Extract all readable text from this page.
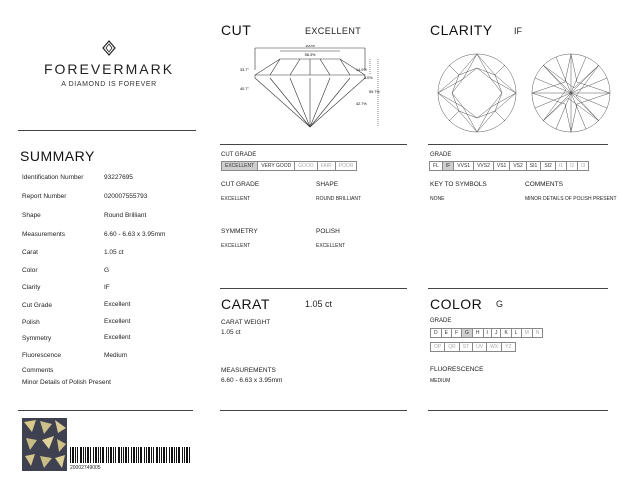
FOREVERMARK
A DIAMOND IS FOREVER
SUMMARY
Identification Number	93227695
Report Number	020007555793
Shape	Round Brilliant
Measurements	6.60 - 6.63 x 3.95mm
Carat	1.05 ct
Color	G
Clarity	IF
Cut Grade	Excellent
Polish	Excellent
Symmetry	Excellent
Fluorescence	Medium
Comments
Minor Details of Polish Present
20002749005
CUT	EXCELLENT
100%
58.3%
33.7°
40.7°
14.0%
3.0%
59.7%
42.7%
CUT GRADE
EXCELLENT	VERY GOOD	GOOD	FAIR	POOR
CUT GRADE
EXCELLENT
SHAPE
ROUND BRILLIANT
SYMMETRY
EXCELLENT
POLISH
EXCELLENT
CARAT	1.05 ct
CARAT WEIGHT
1.05 ct
MEASUREMENTS
6.60 - 6.63 x 3.95mm
CLARITY IF
GRADE
FL	IF	VVS1	VVS2	VS1	VS2	SI1	SI2	I1	I2	I3
KEY TO SYMBOLS
NONE
COMMENTS
MINOR DETAILS OF POLISH PRESENT
COLOR G
GRADE
D	E	F	G	H	I	J	K	L	M	N
OP	QR	ST	UV	WX	YZ
FLUORESCENCE
MEDIUM
